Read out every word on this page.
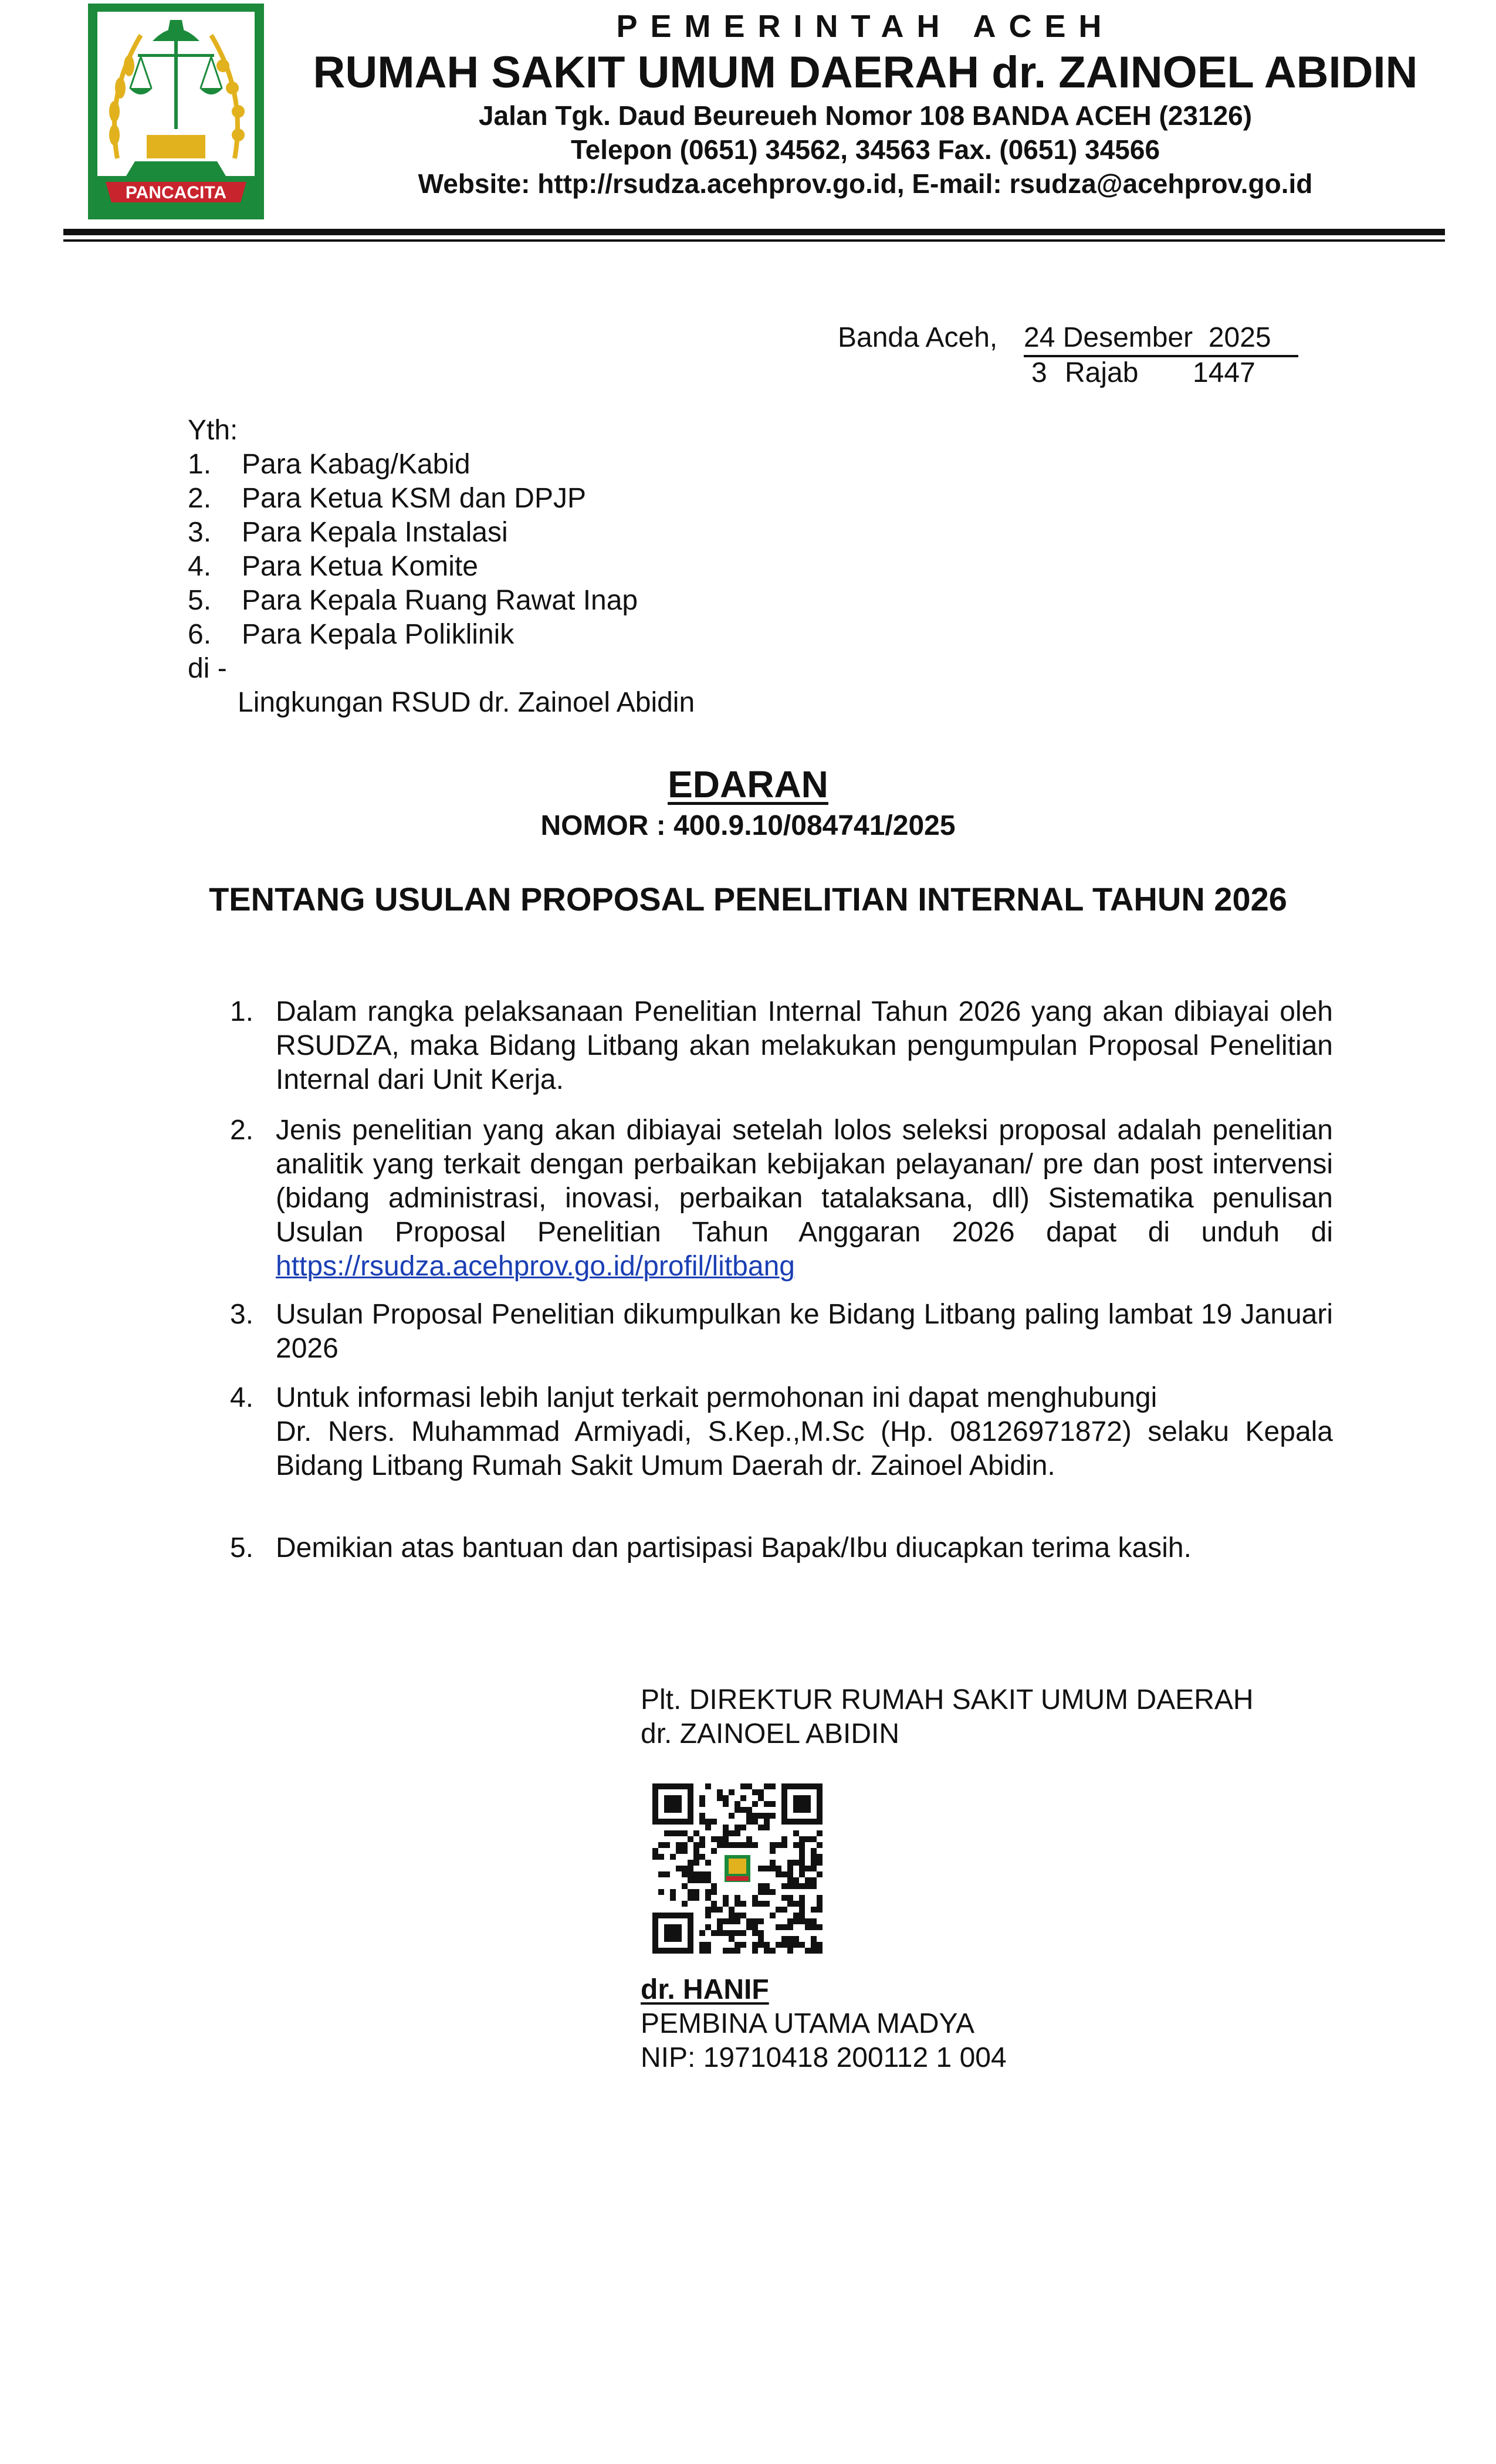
PANCACITA
PEMERINTAH ACEH
RUMAH SAKIT UMUM DAERAH dr. ZAINOEL ABIDIN
Jalan Tgk. Daud Beureueh Nomor 108 BANDA ACEH (23126)
Telepon (0651) 34562, 34563 Fax. (0651) 34566
Website: http://rsudza.acehprov.go.id, E-mail: rsudza@acehprov.go.id
Banda Aceh, 24 Desember  2025
3 Rajab 1447
Yth:
1. Para Kabag/Kabid
2. Para Ketua KSM dan DPJP
3. Para Kepala Instalasi
4. Para Ketua Komite
5. Para Kepala Ruang Rawat Inap
6. Para Kepala Poliklinik
di -
Lingkungan RSUD dr. Zainoel Abidin
EDARAN
NOMOR : 400.9.10/084741/2025
TENTANG USULAN PROPOSAL PENELITIAN INTERNAL TAHUN 2026
1. Dalam rangka pelaksanaan Penelitian Internal Tahun 2026 yang akan dibiayai oleh RSUDZA, maka Bidang Litbang akan melakukan pengumpulan Proposal Penelitian Internal dari Unit Kerja.
2. Jenis penelitian yang akan dibiayai setelah lolos seleksi proposal adalah penelitian analitik yang terkait dengan perbaikan kebijakan pelayanan/ pre dan post intervensi (bidang administrasi, inovasi, perbaikan tatalaksana, dll) Sistematika penulisan Usulan Proposal Penelitian Tahun Anggaran 2026 dapat di unduh di https://rsudza.acehprov.go.id/profil/litbang
3. Usulan Proposal Penelitian dikumpulkan ke Bidang Litbang paling lambat 19 Januari 2026
4. Untuk informasi lebih lanjut terkait permohonan ini dapat menghubungi
Dr. Ners. Muhammad Armiyadi, S.Kep.,M.Sc (Hp. 08126971872) selaku Kepala Bidang Litbang Rumah Sakit Umum Daerah dr. Zainoel Abidin.
5. Demikian atas bantuan dan partisipasi Bapak/Ibu diucapkan terima kasih.
Plt. DIREKTUR RUMAH SAKIT UMUM DAERAH
dr. ZAINOEL ABIDIN
dr. HANIF
PEMBINA UTAMA MADYA
NIP: 19710418 200112 1 004
